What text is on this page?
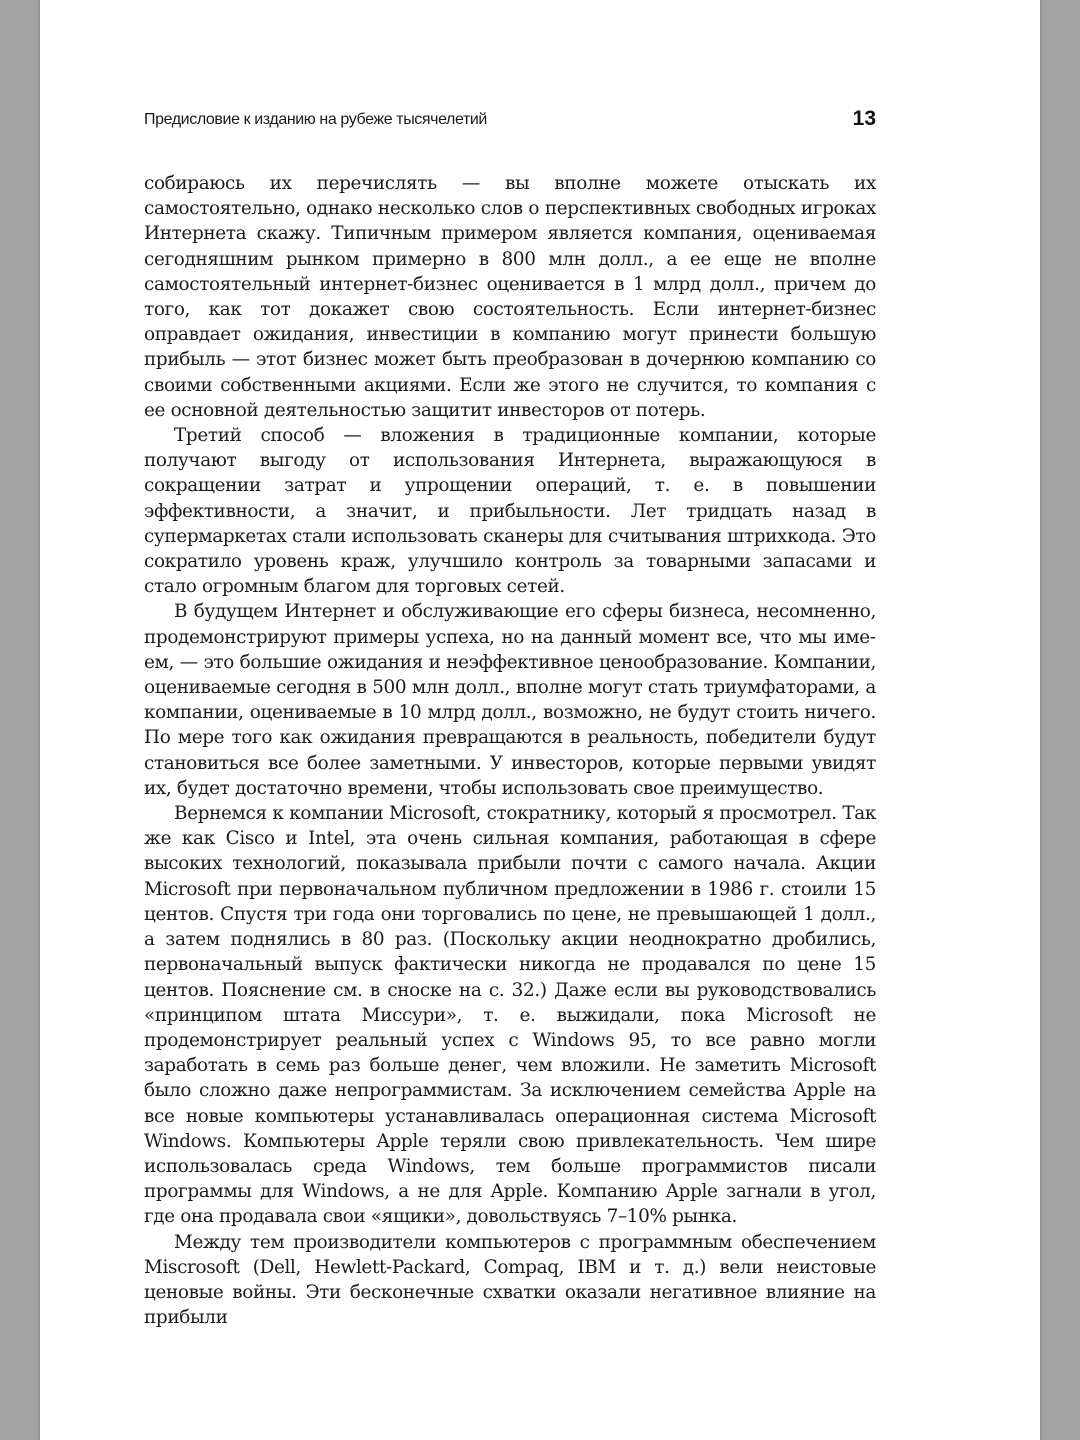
Предисловие к изданию на рубеже тысячелетий	13

собираюсь их перечислять — вы вполне можете отыскать их самостоятельно, однако несколько слов о перспективных свободных игроках Интернета скажу. Типичным примером является компания, оцениваемая сегодняшним рынком примерно в 800 млн долл., а ее еще не вполне самостоятельный интернет-бизнес оценивается в 1 млрд долл., причем до того, как тот докажет свою состоятельность. Если интернет-бизнес оправдает ожидания, инвестиции в компанию могут принести большую прибыль — этот бизнес может быть преобразован в дочернюю компанию со своими собственными акциями. Если же этого не случится, то компания с ее основной деятельностью защитит инвесторов от потерь.

Третий способ — вложения в традиционные компании, которые получают выгоду от использования Интернета, выражающуюся в сокращении затрат и упрощении операций, т. е. в повышении эффективности, а значит, и прибыльности. Лет тридцать назад в супермаркетах стали использовать сканеры для считывания штрихкода. Это сократило уровень краж, улучшило контроль за товарными запасами и стало огромным благом для торговых сетей.

В будущем Интернет и обслуживающие его сферы бизнеса, несомненно, продемонстрируют примеры успеха, но на данный момент все, что мы имеем, — это большие ожидания и неэффективное ценообразование. Компании, оцениваемые сегодня в 500 млн долл., вполне могут стать триумфаторами, а компании, оцениваемые в 10 млрд долл., возможно, не будут стоить ничего. По мере того как ожидания превращаются в реальность, победители будут становиться все более заметными. У инвесторов, которые первыми увидят их, будет достаточно времени, чтобы использовать свое преимущество.

Вернемся к компании Microsoft, стократнику, который я просмотрел. Так же как Cisco и Intel, эта очень сильная компания, работающая в сфере высоких технологий, показывала прибыли почти с самого начала. Акции Microsoft при первоначальном публичном предложении в 1986 г. стоили 15 центов. Спустя три года они торговались по цене, не превышающей 1 долл., а затем поднялись в 80 раз. (Поскольку акции неоднократно дробились, первоначальный выпуск фактически никогда не продавался по цене 15 центов. Пояснение см. в сноске на с. 32.) Даже если вы руководствовались «принципом штата Миссури», т. е. выжидали, пока Microsoft не продемонстрирует реальный успех с Windows 95, то все равно могли заработать в семь раз больше денег, чем вложили. Не заметить Microsoft было сложно даже непрограммистам. За исключением семейства Apple на все новые компьютеры устанавливалась операционная система Microsoft Windows. Компьютеры Apple теряли свою привлекательность. Чем шире использовалась среда Windows, тем больше программистов писали программы для Windows, а не для Apple. Компанию Apple загнали в угол, где она продавала свои «ящики», довольствуясь 7–10% рынка.

Между тем производители компьютеров с программным обеспечением Miscrosoft (Dell, Hewlett-Packard, Compaq, IBM и т. д.) вели неистовые ценовые войны. Эти бесконечные схватки оказали негативное влияние на прибыли
